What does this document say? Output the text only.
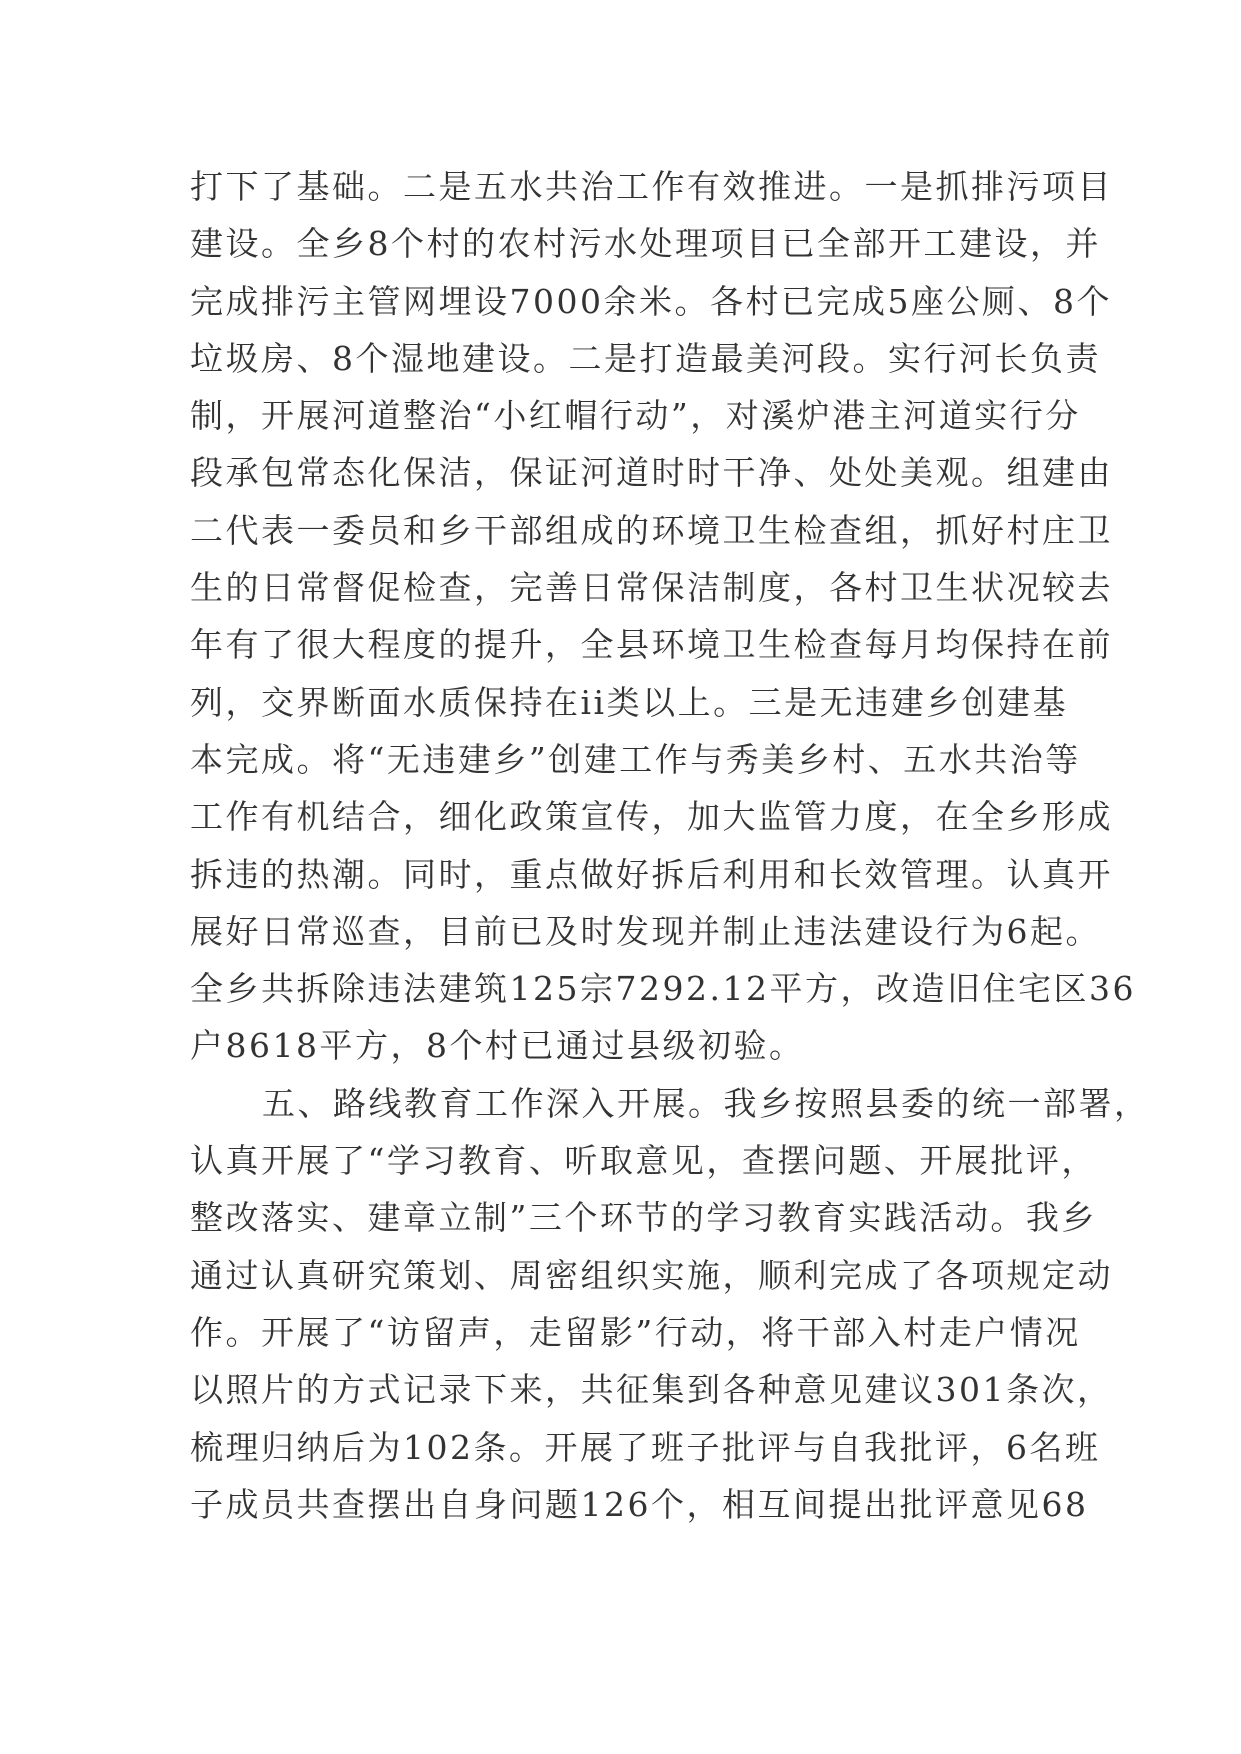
打下了基础。二是五水共治工作有效推进。一是抓排污项目
建设。全乡8个村的农村污水处理项目已全部开工建设，并
完成排污主管网埋设7000余米。各村已完成5座公厕、8个
垃圾房、8个湿地建设。二是打造最美河段。实行河长负责
制，开展河道整治“小红帽行动”，对溪炉港主河道实行分
段承包常态化保洁，保证河道时时干净、处处美观。组建由
二代表一委员和乡干部组成的环境卫生检查组，抓好村庄卫
生的日常督促检查，完善日常保洁制度，各村卫生状况较去
年有了很大程度的提升，全县环境卫生检查每月均保持在前
列，交界断面水质保持在ii类以上。三是无违建乡创建基
本完成。将“无违建乡”创建工作与秀美乡村、五水共治等
工作有机结合，细化政策宣传，加大监管力度，在全乡形成
拆违的热潮。同时，重点做好拆后利用和长效管理。认真开
展好日常巡查，目前已及时发现并制止违法建设行为6起。
全乡共拆除违法建筑125宗7292.12平方，改造旧住宅区36
户8618平方，8个村已通过县级初验。
五、路线教育工作深入开展。我乡按照县委的统一部署，
认真开展了“学习教育、听取意见，查摆问题、开展批评，
整改落实、建章立制”三个环节的学习教育实践活动。我乡
通过认真研究策划、周密组织实施，顺利完成了各项规定动
作。开展了“访留声，走留影”行动，将干部入村走户情况
以照片的方式记录下来，共征集到各种意见建议301条次，
梳理归纳后为102条。开展了班子批评与自我批评，6名班
子成员共查摆出自身问题126个，相互间提出批评意见68
